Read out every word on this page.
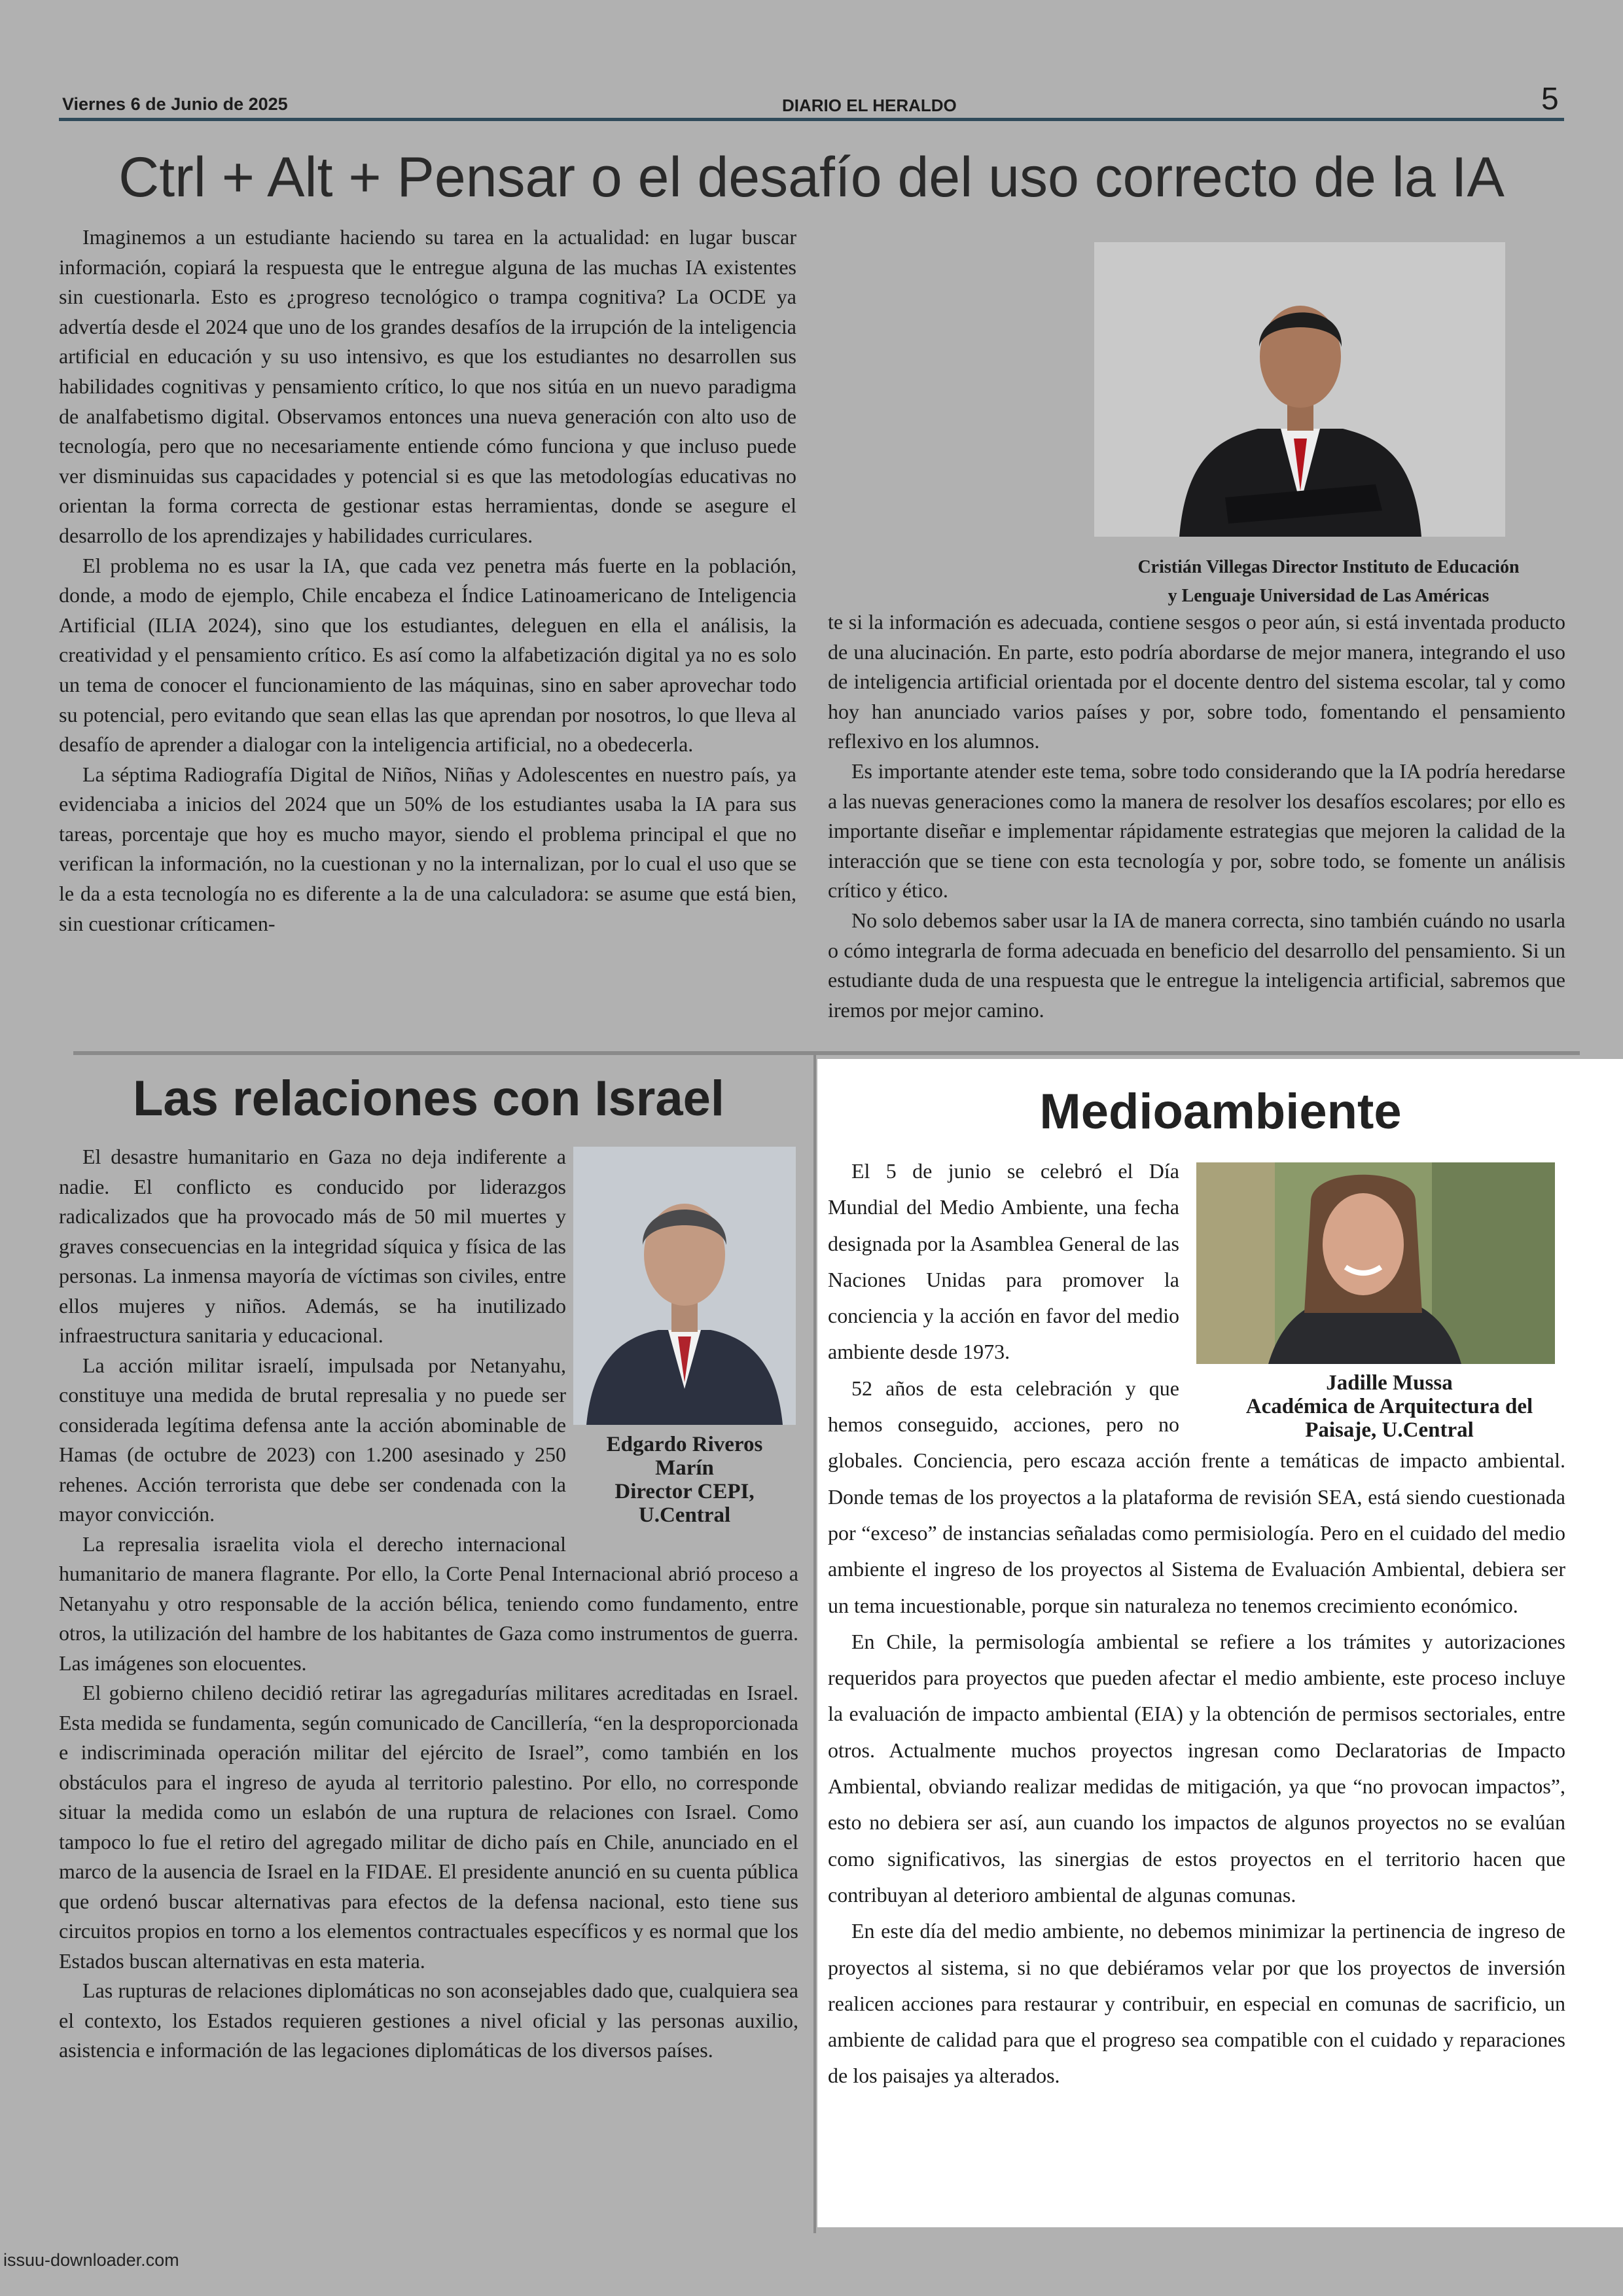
Viernes 6 de Junio de 2025	DIARIO EL HERALDO	5
Ctrl + Alt + Pensar o el desafío del uso correcto de la IA

Imaginemos a un estudiante haciendo su tarea en la actualidad: en lugar buscar información, copiará la respuesta que le entregue alguna de las muchas IA existentes sin cuestionarla. Esto es ¿progreso tecnológico o trampa cognitiva? La OCDE ya advertía desde el 2024 que uno de los grandes desafíos de la irrupción de la inteligencia artificial en educación y su uso intensivo, es que los estudiantes no desarrollen sus habilidades cognitivas y pensamiento crítico, lo que nos sitúa en un nuevo paradigma de analfabetismo digital. Observamos entonces una nueva generación con alto uso de tecnología, pero que no necesariamente entiende cómo funciona y que incluso puede ver disminuidas sus capacidades y potencial si es que las metodologías educativas no orientan la forma correcta de gestionar estas herramientas, donde se asegure el desarrollo de los aprendizajes y habilidades curriculares.

El problema no es usar la IA, que cada vez penetra más fuerte en la población, donde, a modo de ejemplo, Chile encabeza el Índice Latinoamericano de Inteligencia Artificial (ILIA 2024), sino que los estudiantes, deleguen en ella el análisis, la creatividad y el pensamiento crítico. Es así como la alfabetización digital ya no es solo un tema de conocer el funcionamiento de las máquinas, sino en saber aprovechar todo su potencial, pero evitando que sean ellas las que aprendan por nosotros, lo que lleva al desafío de aprender a dialogar con la inteligencia artificial, no a obedecerla.

La séptima Radiografía Digital de Niños, Niñas y Adolescentes en nuestro país, ya evidenciaba a inicios del 2024 que un 50% de los estudiantes usaba la IA para sus tareas, porcentaje que hoy es mucho mayor, siendo el problema principal el que no verifican la información, no la cuestionan y no la internalizan, por lo cual el uso que se le da a esta tecnología no es diferente a la de una calculadora: se asume que está bien, sin cuestionar críticamen-

Cristián Villegas Director Instituto de Educación
y Lenguaje Universidad de Las Américas

te si la información es adecuada, contiene sesgos o peor aún, si está inventada producto de una alucinación. En parte, esto podría abordarse de mejor manera, integrando el uso de inteligencia artificial orientada por el docente dentro del sistema escolar, tal y como hoy han anunciado varios países y por, sobre todo, fomentando el pensamiento reflexivo en los alumnos.

Es importante atender este tema, sobre todo considerando que la IA podría heredarse a las nuevas generaciones como la manera de resolver los desafíos escolares; por ello es importante diseñar e implementar rápidamente estrategias que mejoren la calidad de la interacción que se tiene con esta tecnología y por, sobre todo, se fomente un análisis crítico y ético.

No solo debemos saber usar la IA de manera correcta, sino también cuándo no usarla o cómo integrarla de forma adecuada en beneficio del desarrollo del pensamiento. Si un estudiante duda de una respuesta que le entregue la inteligencia artificial, sabremos que iremos por mejor camino.

Las relaciones con Israel
Edgardo Riveros
Marín
Director CEPI,
U.Central

El desastre humanitario en Gaza no deja indiferente a nadie. El conflicto es conducido por liderazgos radicalizados que ha provocado más de 50 mil muertes y graves consecuencias en la integridad síquica y física de las personas. La inmensa mayoría de víctimas son civiles, entre ellos mujeres y niños. Además, se ha inutilizado infraestructura sanitaria y educacional.

La acción militar israelí, impulsada por Netanyahu, constituye una medida de brutal represalia y no puede ser considerada legítima defensa ante la acción abominable de Hamas (de octubre de 2023) con 1.200 asesinado y 250 rehenes. Acción terrorista que debe ser condenada con la mayor convicción.

La represalia israelita viola el derecho internacional humanitario de manera flagrante. Por ello, la Corte Penal Internacional abrió proceso a Netanyahu y otro responsable de la acción bélica, teniendo como fundamento, entre otros, la utilización del hambre de los habitantes de Gaza como instrumentos de guerra. Las imágenes son elocuentes.

El gobierno chileno decidió retirar las agregadurías militares acreditadas en Israel. Esta medida se fundamenta, según comunicado de Cancillería, “en la desproporcionada e indiscriminada operación militar del ejército de Israel”, como también en los obstáculos para el ingreso de ayuda al territorio palestino. Por ello, no corresponde situar la medida como un eslabón de una ruptura de relaciones con Israel. Como tampoco lo fue el retiro del agregado militar de dicho país en Chile, anunciado en el marco de la ausencia de Israel en la FIDAE. El presidente anunció en su cuenta pública que ordenó buscar alternativas para efectos de la defensa nacional, esto tiene sus circuitos propios en torno a los elementos contractuales específicos y es normal que los Estados buscan alternativas en esta materia.

Las rupturas de relaciones diplomáticas no son aconsejables dado que, cualquiera sea el contexto, los Estados requieren gestiones a nivel oficial y las personas auxilio, asistencia e información de las legaciones diplomáticas de los diversos países.

Medioambiente
Jadille Mussa
Académica de Arquitectura del
Paisaje, U.Central

El 5 de junio se celebró el Día Mundial del Medio Ambiente, una fecha designada por la Asamblea General de las Naciones Unidas para promover la conciencia y la acción en favor del medio ambiente desde 1973.

52 años de esta celebración y que hemos conseguido, acciones, pero no globales. Conciencia, pero escaza acción frente a temáticas de impacto ambiental. Donde temas de los proyectos a la plataforma de revisión SEA, está siendo cuestionada por “exceso” de instancias señaladas como permisiología. Pero en el cuidado del medio ambiente el ingreso de los proyectos al Sistema de Evaluación Ambiental, debiera ser un tema incuestionable, porque sin naturaleza no tenemos crecimiento económico.

En Chile, la permisología ambiental se refiere a los trámites y autorizaciones requeridos para proyectos que pueden afectar el medio ambiente, este proceso incluye la evaluación de impacto ambiental (EIA) y la obtención de permisos sectoriales, entre otros. Actualmente muchos proyectos ingresan como Declaratorias de Impacto Ambiental, obviando realizar medidas de mitigación, ya que “no provocan impactos”, esto no debiera ser así, aun cuando los impactos de algunos proyectos no se evalúan como significativos, las sinergias de estos proyectos en el territorio hacen que contribuyan al deterioro ambiental de algunas comunas.

En este día del medio ambiente, no debemos minimizar la pertinencia de ingreso de proyectos al sistema, si no que debiéramos velar por que los proyectos de inversión realicen acciones para restaurar y contribuir, en especial en comunas de sacrificio, un ambiente de calidad para que el progreso sea compatible con el cuidado y reparaciones de los paisajes ya alterados.

issuu-downloader.com
